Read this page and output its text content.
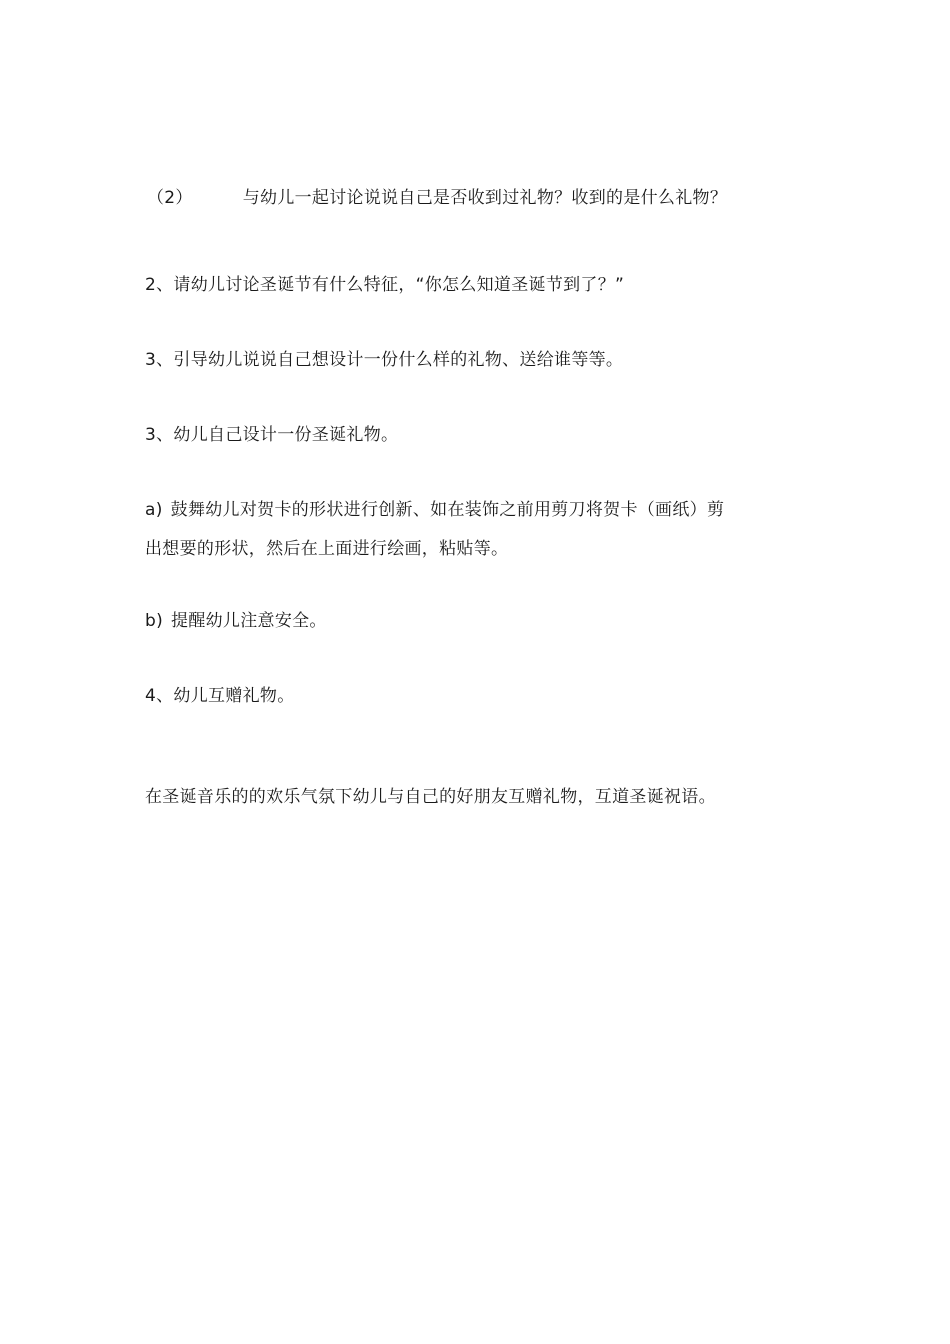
（2）	与幼儿一起讨论说说自己是否收到过礼物？收到的是什么礼物？
2、请幼儿讨论圣诞节有什么特征，“你怎么知道圣诞节到了？”
3、引导幼儿说说自己想设计一份什么样的礼物、送给谁等等。
3、幼儿自己设计一份圣诞礼物。
a) 鼓舞幼儿对贺卡的形状进行创新、如在装饰之前用剪刀将贺卡（画纸）剪
出想要的形状，然后在上面进行绘画，粘贴等。
b) 提醒幼儿注意安全。
4、幼儿互赠礼物。
在圣诞音乐的的欢乐气氛下幼儿与自己的好朋友互赠礼物，互道圣诞祝语。
